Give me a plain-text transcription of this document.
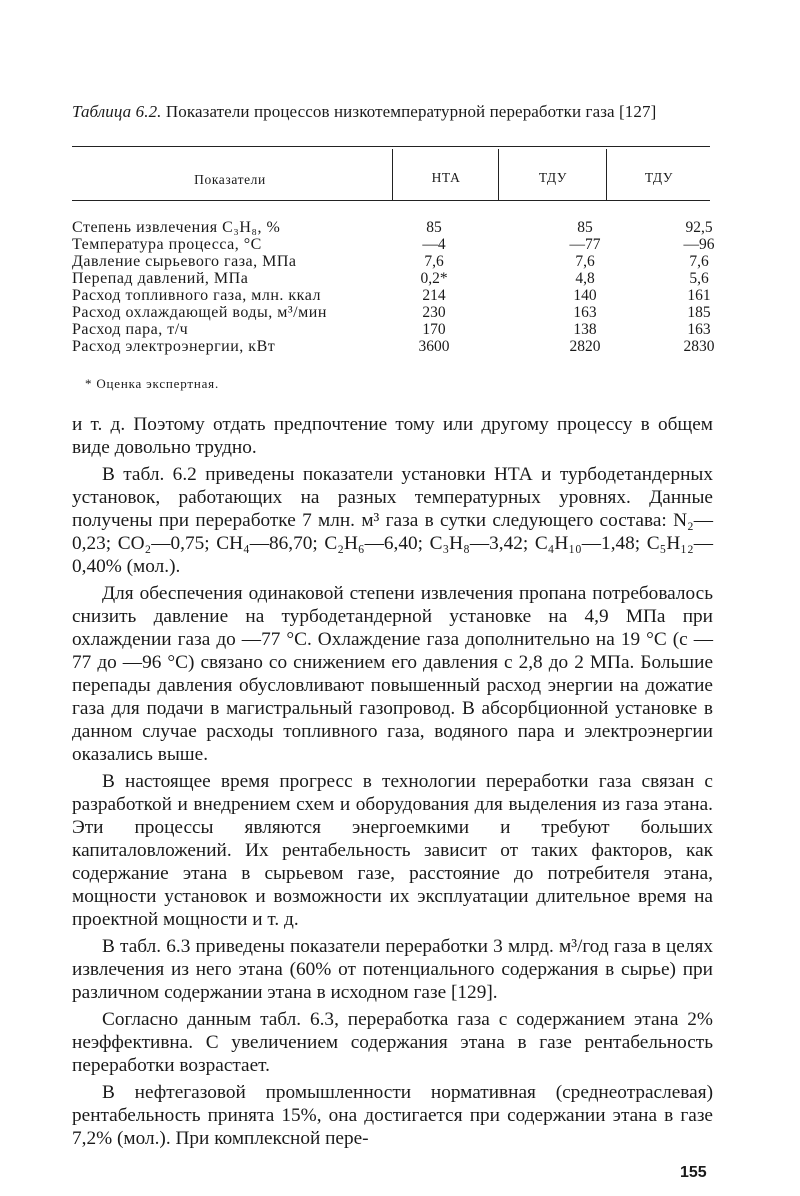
Таблица 6.2. Показатели процессов низкотемпературной переработки газа [127]
Показатели	НТА	ТДУ	ТДУ
Степень извлечения C₃H₈, %	85	85	92,5
Температура процесса, °С	—4	—77	—96
Давление сырьевого газа, МПа	7,6	7,6	7,6
Перепад давлений, МПа	0,2*	4,8	5,6
Расход топливного газа, млн. ккал	214	140	161
Расход охлаждающей воды, м³/мин	230	163	185
Расход пара, т/ч	170	138	163
Расход электроэнергии, кВт	3600	2820	2830
* Оценка экспертная.

и т. д. Поэтому отдать предпочтение тому или другому процессу в общем виде довольно трудно.

В табл. 6.2 приведены показатели установки НТА и турбодетандерных установок, работающих на разных температурных уровнях. Данные получены при переработке 7 млн. м³ газа в сутки следующего состава: N₂—0,23; CO₂—0,75; CH₄—86,70; C₂H₆—6,40; C₃H₈—3,42; C₄H₁₀—1,48; C₅H₁₂—0,40% (мол.).

Для обеспечения одинаковой степени извлечения пропана потребовалось снизить давление на турбодетандерной установке на 4,9 МПа при охлаждении газа до —77 °С. Охлаждение газа дополнительно на 19 °С (с —77 до —96 °С) связано со снижением его давления с 2,8 до 2 МПа. Большие перепады давления обусловливают повышенный расход энергии на дожатие газа для подачи в магистральный газопровод. В абсорбционной установке в данном случае расходы топливного газа, водяного пара и электроэнергии оказались выше.

В настоящее время прогресс в технологии переработки газа связан с разработкой и внедрением схем и оборудования для выделения из газа этана. Эти процессы являются энергоемкими и требуют больших капиталовложений. Их рентабельность зависит от таких факторов, как содержание этана в сырьевом газе, расстояние до потребителя этана, мощности установок и возможности их эксплуатации длительное время на проектной мощности и т. д.

В табл. 6.3 приведены показатели переработки 3 млрд. м³/год газа в целях извлечения из него этана (60% от потенциального содержания в сырье) при различном содержании этана в исходном газе [129].

Согласно данным табл. 6.3, переработка газа с содержанием этана 2% неэффективна. С увеличением содержания этана в газе рентабельность переработки возрастает.

В нефтегазовой промышленности нормативная (среднеотраслевая) рентабельность принята 15%, она достигается при содержании этана в газе 7,2% (мол.). При комплексной пере-

155
